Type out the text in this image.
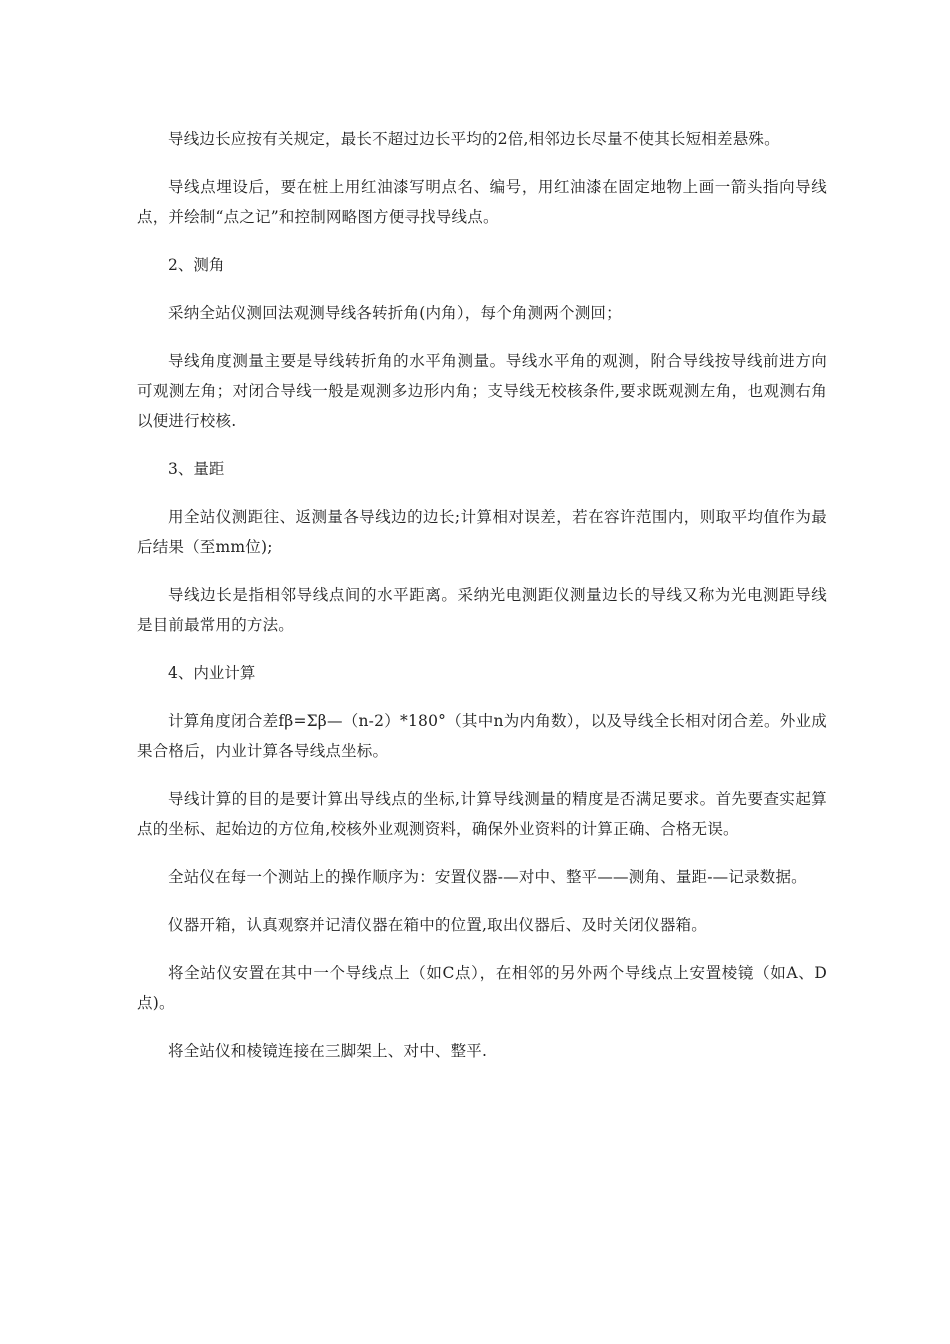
导线边长应按有关规定，最长不超过边长平均的2倍,相邻边长尽量不使其长短相差悬殊。

导线点埋设后，要在桩上用红油漆写明点名、编号，用红油漆在固定地物上画一箭头指向导线点，并绘制“点之记”和控制网略图方便寻找导线点。

2、测角

采纳全站仪测回法观测导线各转折角(内角），每个角测两个测回；

导线角度测量主要是导线转折角的水平角测量。导线水平角的观测，附合导线按导线前进方向可观测左角；对闭合导线一般是观测多边形内角；支导线无校核条件,要求既观测左角，也观测右角以便进行校核.

3、量距

用全站仪测距往、返测量各导线边的边长;计算相对误差，若在容许范围内，则取平均值作为最后结果（至mm位);

导线边长是指相邻导线点间的水平距离。采纳光电测距仪测量边长的导线又称为光电测距导线是目前最常用的方法。

4、内业计算

计算角度闭合差fβ=Σβ—（n-2）*180°（其中n为内角数），以及导线全长相对闭合差。外业成果合格后，内业计算各导线点坐标。

导线计算的目的是要计算出导线点的坐标,计算导线测量的精度是否满足要求。首先要查实起算点的坐标、起始边的方位角,校核外业观测资料，确保外业资料的计算正确、合格无误。

全站仪在每一个测站上的操作顺序为：安置仪器-—对中、整平——测角、量距-—记录数据。

仪器开箱，认真观察并记清仪器在箱中的位置,取出仪器后、及时关闭仪器箱。

将全站仪安置在其中一个导线点上（如C点），在相邻的另外两个导线点上安置棱镜（如A、D点)。

将全站仪和棱镜连接在三脚架上、对中、整平.
